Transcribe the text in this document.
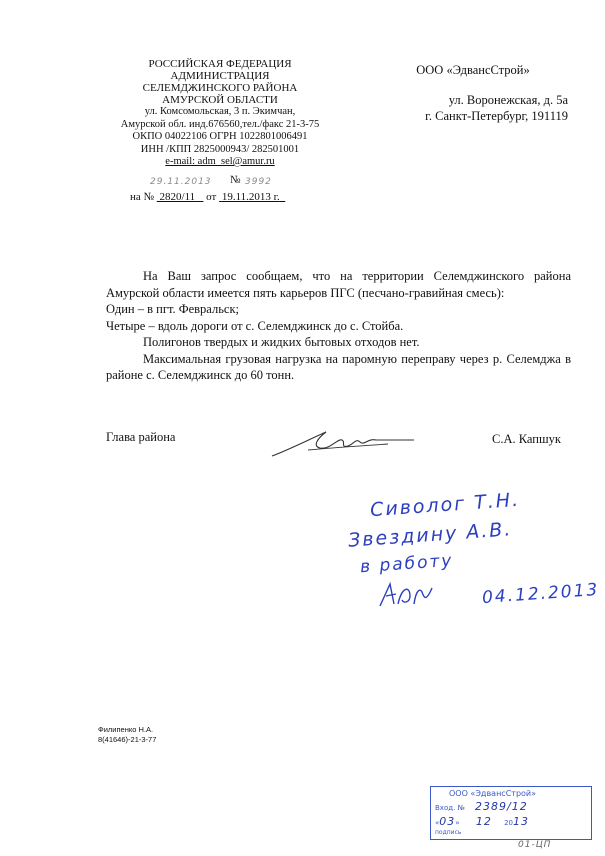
РОССИЙСКАЯ ФЕДЕРАЦИЯ
АДМИНИСТРАЦИЯ
СЕЛЕМДЖИНСКОГО РАЙОНА
АМУРСКОЙ ОБЛАСТИ
ул. Комсомольская, 3 п. Экимчан,
Амурской обл. инд.676560,тел./факс 21-3-75
ОКПО 04022106 ОГРН 1022801006491
ИНН /КПП 2825000943/ 282501001
e-mail: adm_sel@amur.ru
29.11.2013 № 3992
на № 2820/11 от 19.11.2013 г.
ООО «ЭдвансСтрой»
ул. Воронежская, д. 5а
г. Санкт-Петербург, 191119

На Ваш запрос сообщаем, что на территории Селемджинского района Амурской области имеется пять карьеров ПГС (песчано-гравийная смесь):

Один – в пгт. Февральск;

Четыре – вдоль дороги от с. Селемджинск до с. Стойба.

Полигонов твердых и жидких бытовых отходов нет.

Максимальная грузовая нагрузка на паромную переправу через р. Селемджа в районе с. Селемджинск до 60 тонн.

Глава района	С.А. Капшук
Сиволог Т.Н.
Звездину А.В.
в работу
04.12.2013
Филипенко Н.А.
8(41646)-21-3-77
ООО «ЭдвансСтрой»
Вход. № 2389/12
«03» 12 2013
подпись
01-ЦП
